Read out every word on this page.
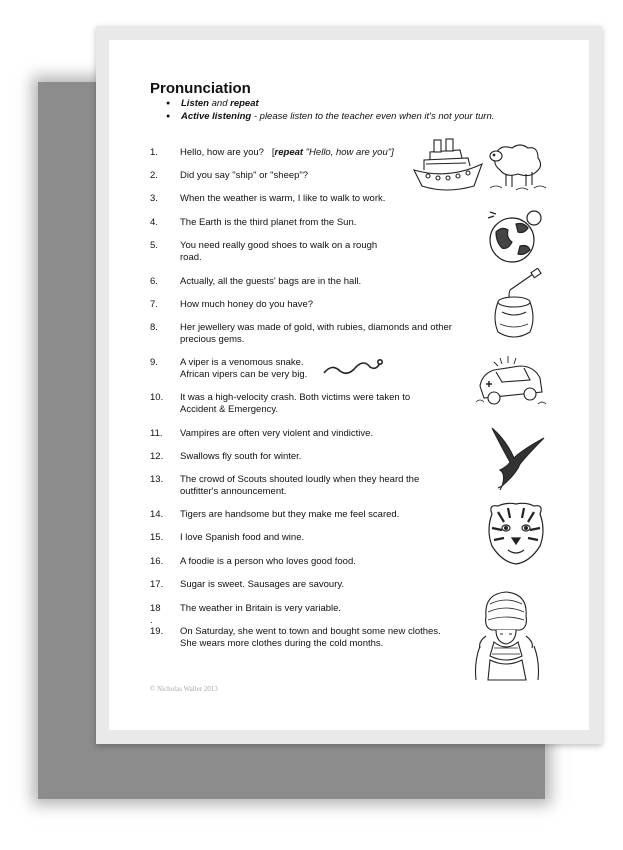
Pronunciation
● Listen and repeat
● Active listening - please listen to the teacher even when it's not your turn.
1. Hello, how are you? [repeat "Hello, how are you"]
2. Did you say "ship" or "sheep"?
3. When the weather is warm, I like to walk to work.
4. The Earth is the third planet from the Sun.
5. You need really good shoes to walk on a rough
road.
6. Actually, all the guests' bags are in the hall.
7. How much honey do you have?
8. Her jewellery was made of gold, with rubies, diamonds and other
precious gems.
9. A viper is a venomous snake.
African vipers can be very big.
10. It was a high-velocity crash. Both victims were taken to
Accident & Emergency.
11. Vampires are often very violent and vindictive.
12. Swallows fly south for winter.
13. The crowd of Scouts shouted loudly when they heard the
outfitter's announcement.
14. Tigers are handsome but they make me feel scared.
15. I love Spanish food and wine.
16. A foodie is a person who loves good food.
17. Sugar is sweet. Sausages are savoury.
18 .
The weather in Britain is very variable.
19. On Saturday, she went to town and bought some new clothes.
She wears more clothes during the cold months.
© Nicholas Waller 2013
